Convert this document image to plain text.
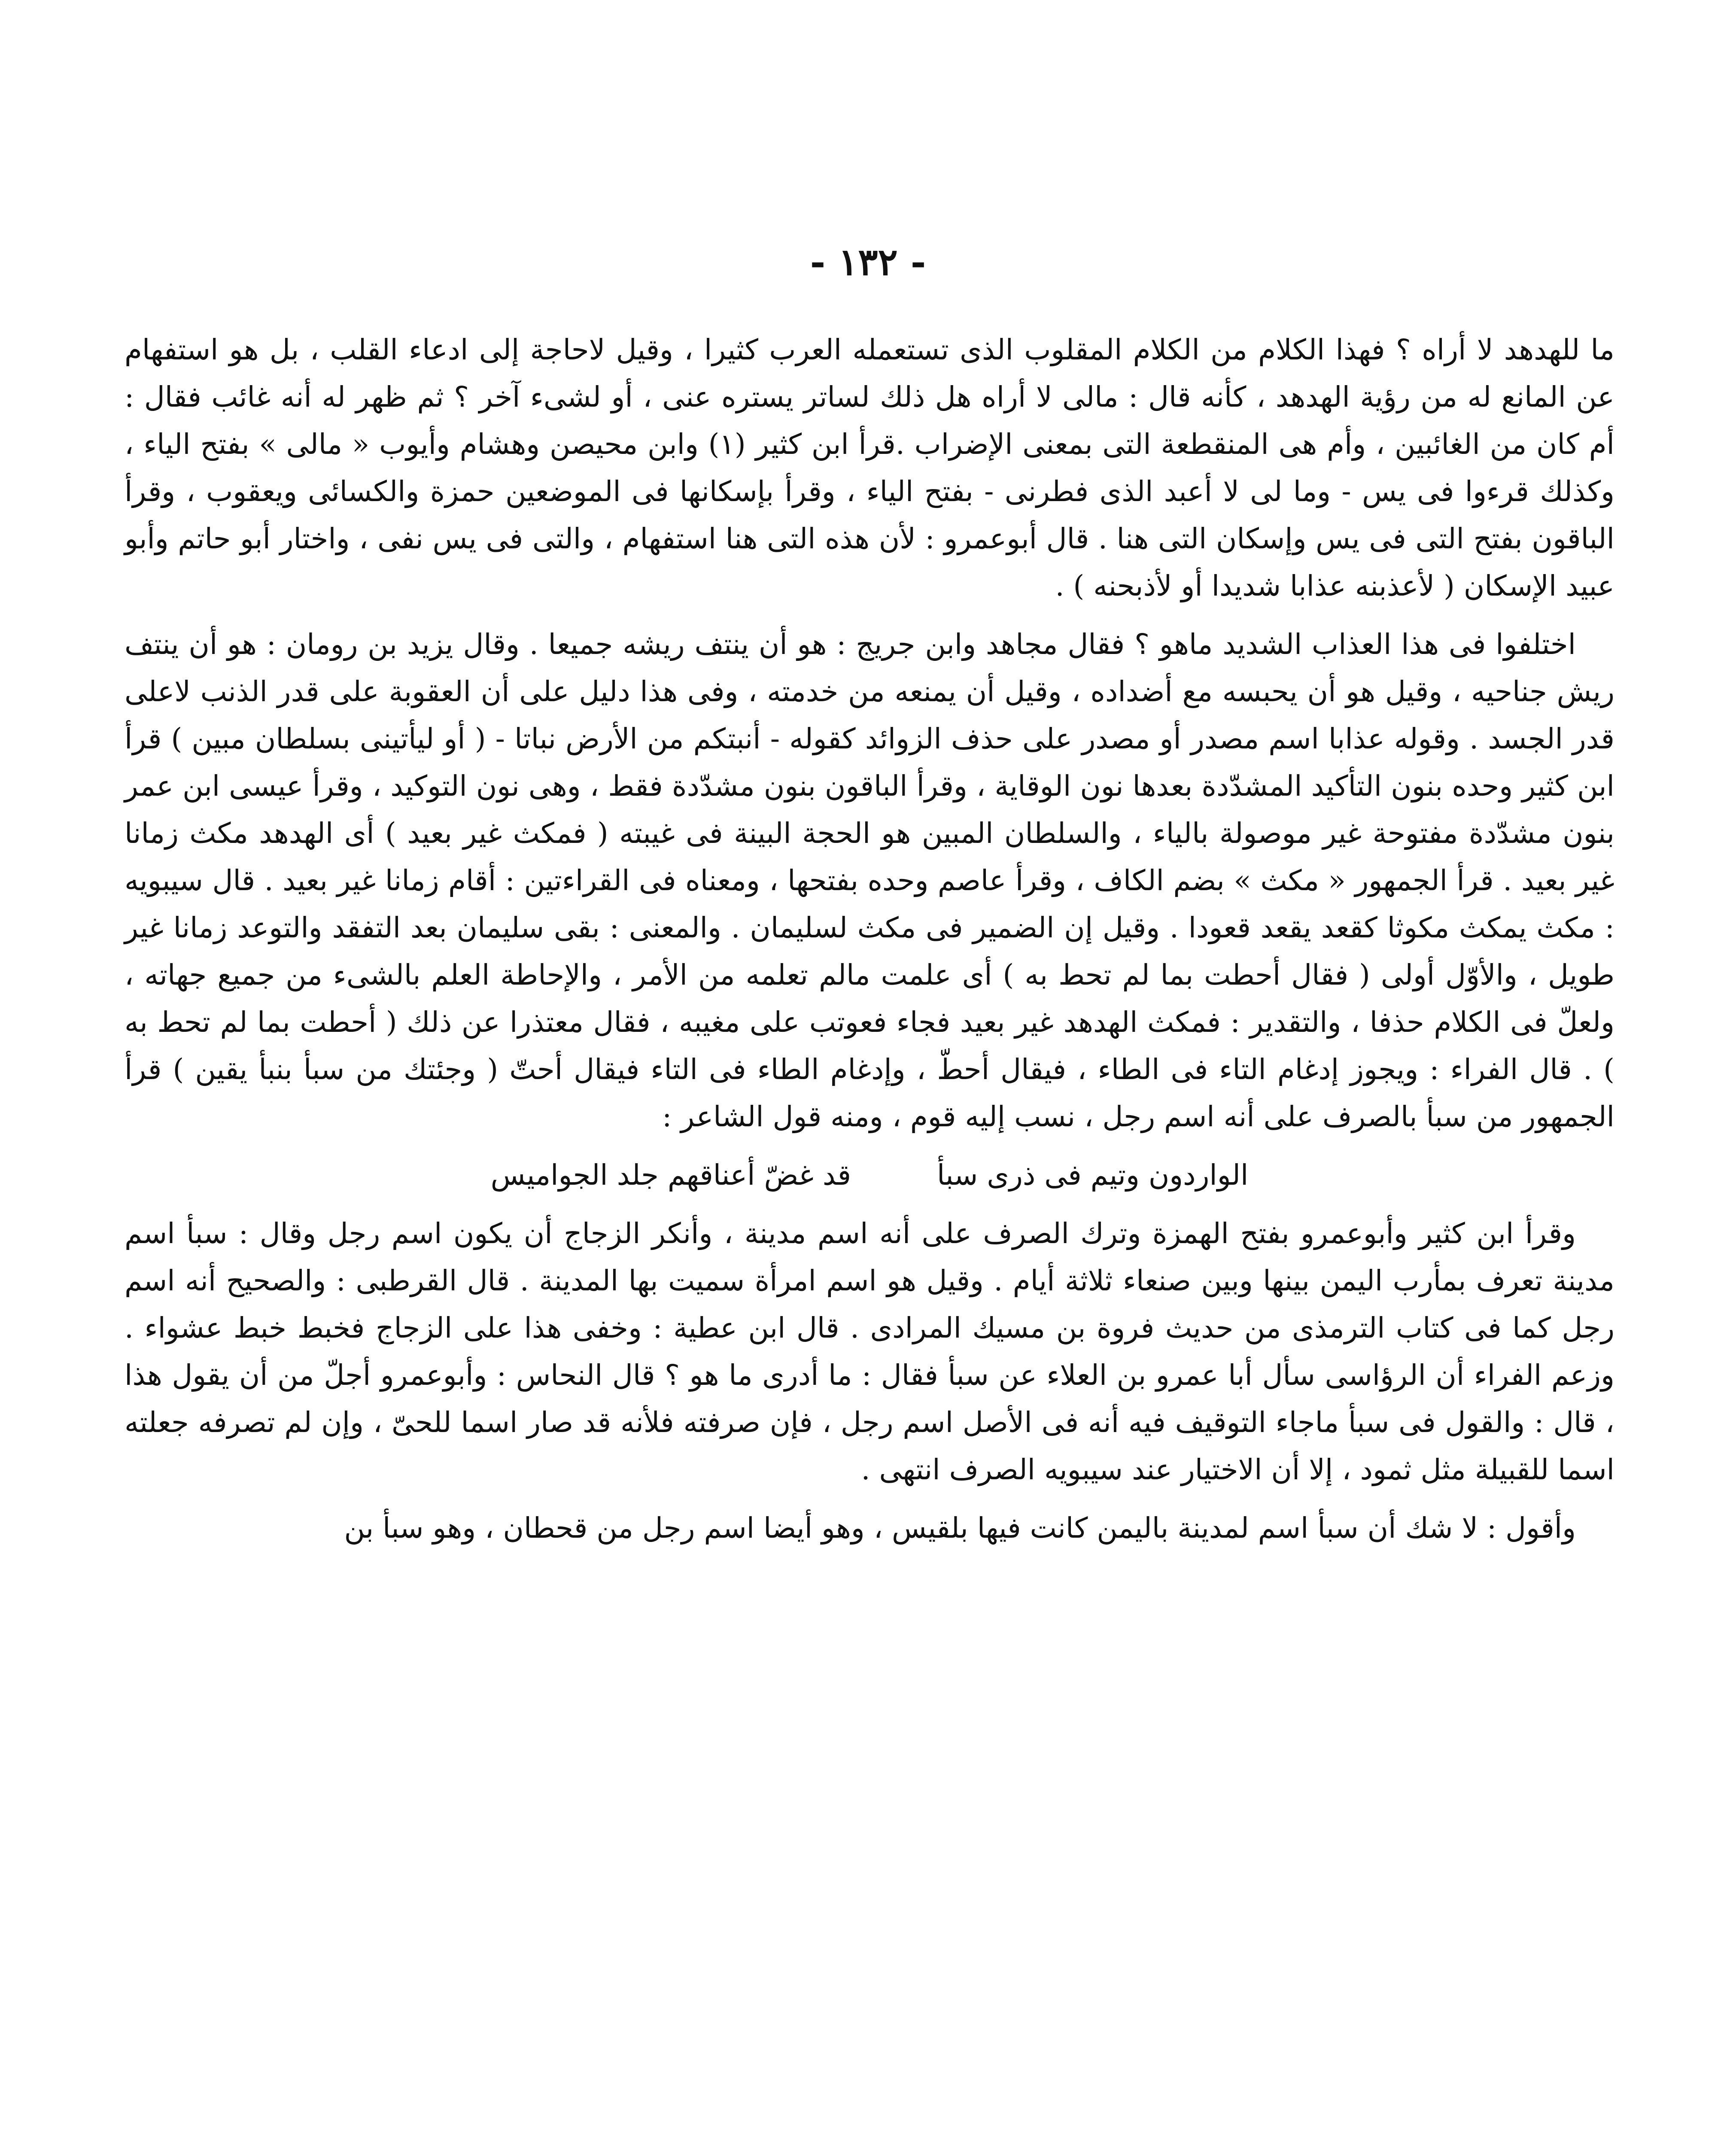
- ١٣٢ -

ما للهدهد لا أراه ؟ فهذا الكلام من الكلام المقلوب الذى تستعمله العرب كثيرا ، وقيل لاحاجة إلى ادعاء القلب ، بل هو استفهام عن المانع له من رؤية الهدهد ، كأنه قال : مالى لا أراه هل ذلك لساتر يستره عنى ، أو لشىء آخر ؟ ثم ظهر له أنه غائب فقال : أم كان من الغائبين ، وأم هى المنقطعة التى بمعنى الإضراب .قرأ ابن كثير (١) وابن محيصن وهشام وأيوب « مالى » بفتح الياء ، وكذلك قرءوا فى يس - وما لى لا أعبد الذى فطرنى - بفتح الياء ، وقرأ بإسكانها فى الموضعين حمزة والكسائى ويعقوب ، وقرأ الباقون بفتح التى فى يس وإسكان التى هنا . قال أبوعمرو : لأن هذه التى هنا استفهام ، والتى فى يس نفى ، واختار أبو حاتم وأبو عبيد الإسكان ( لأعذبنه عذابا شديدا أو لأذبحنه ) .

اختلفوا فى هذا العذاب الشديد ماهو ؟ فقال مجاهد وابن جريج : هو أن ينتف ريشه جميعا . وقال يزيد بن رومان : هو أن ينتف ريش جناحيه ، وقيل هو أن يحبسه مع أضداده ، وقيل أن يمنعه من خدمته ، وفى هذا دليل على أن العقوبة على قدر الذنب لاعلى قدر الجسد . وقوله عذابا اسم مصدر أو مصدر على حذف الزوائد كقوله - أنبتكم من الأرض نباتا - ( أو ليأتينى بسلطان مبين ) قرأ ابن كثير وحده بنون التأكيد المشدّدة بعدها نون الوقاية ، وقرأ الباقون بنون مشدّدة فقط ، وهى نون التوكيد ، وقرأ عيسى ابن عمر بنون مشدّدة مفتوحة غير موصولة بالياء ، والسلطان المبين هو الحجة البينة فى غيبته ( فمكث غير بعيد ) أى الهدهد مكث زمانا غير بعيد . قرأ الجمهور « مكث » بضم الكاف ، وقرأ عاصم وحده بفتحها ، ومعناه فى القراءتين : أقام زمانا غير بعيد . قال سيبويه : مكث يمكث مكوثا كقعد يقعد قعودا . وقيل إن الضمير فى مكث لسليمان . والمعنى : بقى سليمان بعد التفقد والتوعد زمانا غير طويل ، والأوّل أولى ( فقال أحطت بما لم تحط به ) أى علمت مالم تعلمه من الأمر ، والإحاطة العلم بالشىء من جميع جهاته ، ولعلّ فى الكلام حذفا ، والتقدير : فمكث الهدهد غير بعيد فجاء فعوتب على مغيبه ، فقال معتذرا عن ذلك ( أحطت بما لم تحط به ) . قال الفراء : ويجوز إدغام التاء فى الطاء ، فيقال أحطّ ، وإدغام الطاء فى التاء فيقال أحتّ ( وجئتك من سبأ بنبأ يقين ) قرأ الجمهور من سبأ بالصرف على أنه اسم رجل ، نسب إليه قوم ، ومنه قول الشاعر :

الواردون وتيم فى ذرى سبأ
قد غضّ أعناقهم جلد الجواميس

وقرأ ابن كثير وأبوعمرو بفتح الهمزة وترك الصرف على أنه اسم مدينة ، وأنكر الزجاج أن يكون اسم رجل وقال : سبأ اسم مدينة تعرف بمأرب اليمن بينها وبين صنعاء ثلاثة أيام . وقيل هو اسم امرأة سميت بها المدينة . قال القرطبى : والصحيح أنه اسم رجل كما فى كتاب الترمذى من حديث فروة بن مسيك المرادى . قال ابن عطية : وخفى هذا على الزجاج فخبط خبط عشواء . وزعم الفراء أن الرؤاسى سأل أبا عمرو بن العلاء عن سبأ فقال : ما أدرى ما هو ؟ قال النحاس : وأبوعمرو أجلّ من أن يقول هذا ، قال : والقول فى سبأ ماجاء التوقيف فيه أنه فى الأصل اسم رجل ، فإن صرفته فلأنه قد صار اسما للحىّ ، وإن لم تصرفه جعلته اسما للقبيلة مثل ثمود ، إلا أن الاختيار عند سيبويه الصرف انتهى .

وأقول : لا شك أن سبأ اسم لمدينة باليمن كانت فيها بلقيس ، وهو أيضا اسم رجل من قحطان ، وهو سبأ بن
